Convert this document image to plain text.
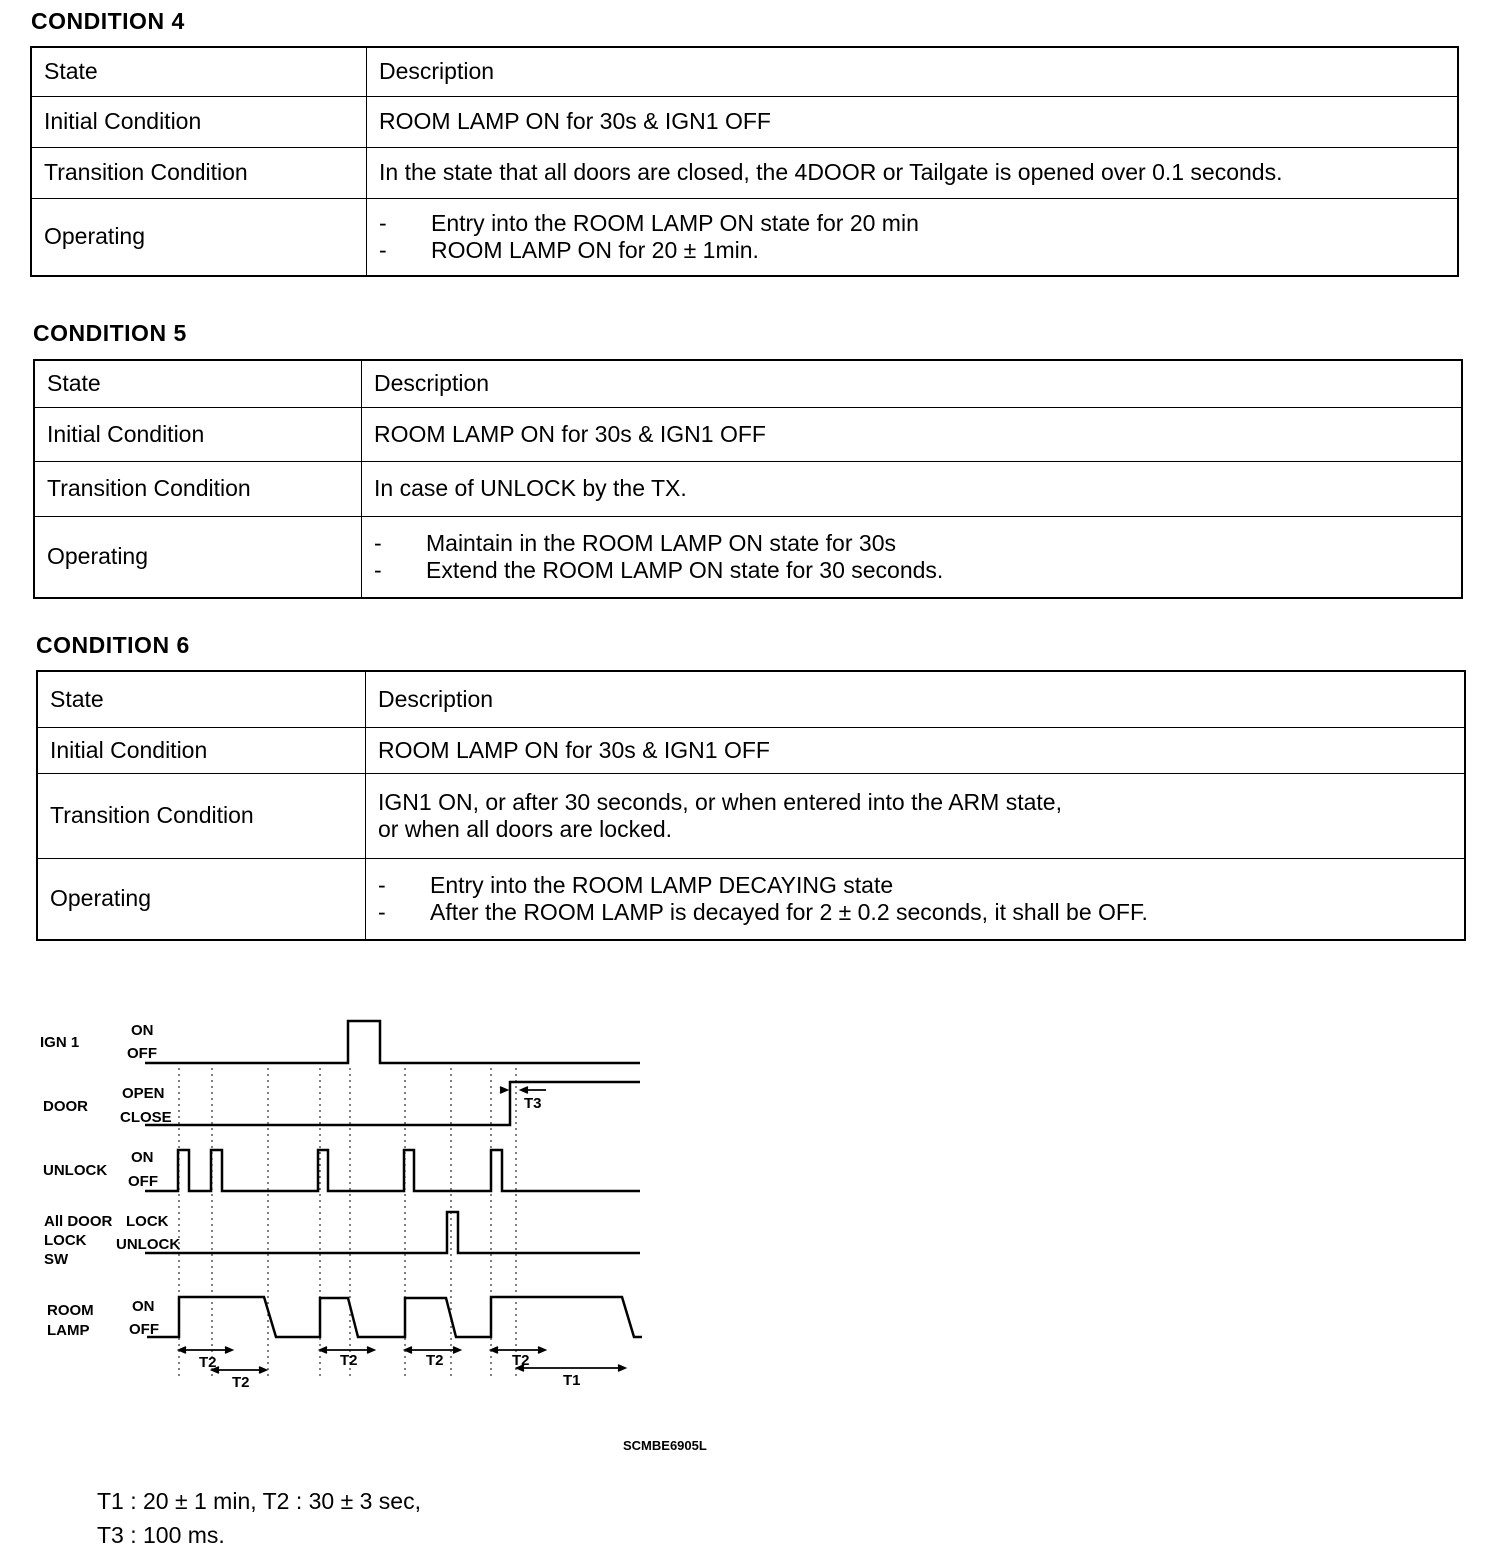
CONDITION 4
State	Description
Initial Condition	ROOM LAMP ON for 30s & IGN1 OFF
Transition Condition	In the state that all doors are closed, the 4DOOR or Tailgate is opened over 0.1 seconds.
Operating	- Entry into the ROOM LAMP ON state for 20 min
- ROOM LAMP ON for 20 ± 1min.
CONDITION 5
State	Description
Initial Condition	ROOM LAMP ON for 30s & IGN1 OFF
Transition Condition	In case of UNLOCK by the TX.
Operating	- Maintain in the ROOM LAMP ON state for 30s
- Extend the ROOM LAMP ON state for 30 seconds.
CONDITION 6
State	Description
Initial Condition	ROOM LAMP ON for 30s & IGN1 OFF
Transition Condition	IGN1 ON, or after 30 seconds, or when entered into the ARM state,
or when all doors are locked.

Operating	- Entry into the ROOM LAMP DECAYING state
- After the ROOM LAMP is decayed for 2 ± 0.2 seconds, it shall be OFF.
IGN 1
ON
OFF
DOOR
OPEN
CLOSE
UNLOCK
ON
OFF
All DOOR
LOCK
SW
LOCK
UNLOCK
ROOM
LAMP
ON
OFF
T3
T2
T2
T2	T2	T2
T1
SCMBE6905L
T1 : 20 ± 1 min, T2 : 30 ± 3 sec,
T3 : 100 ms.
